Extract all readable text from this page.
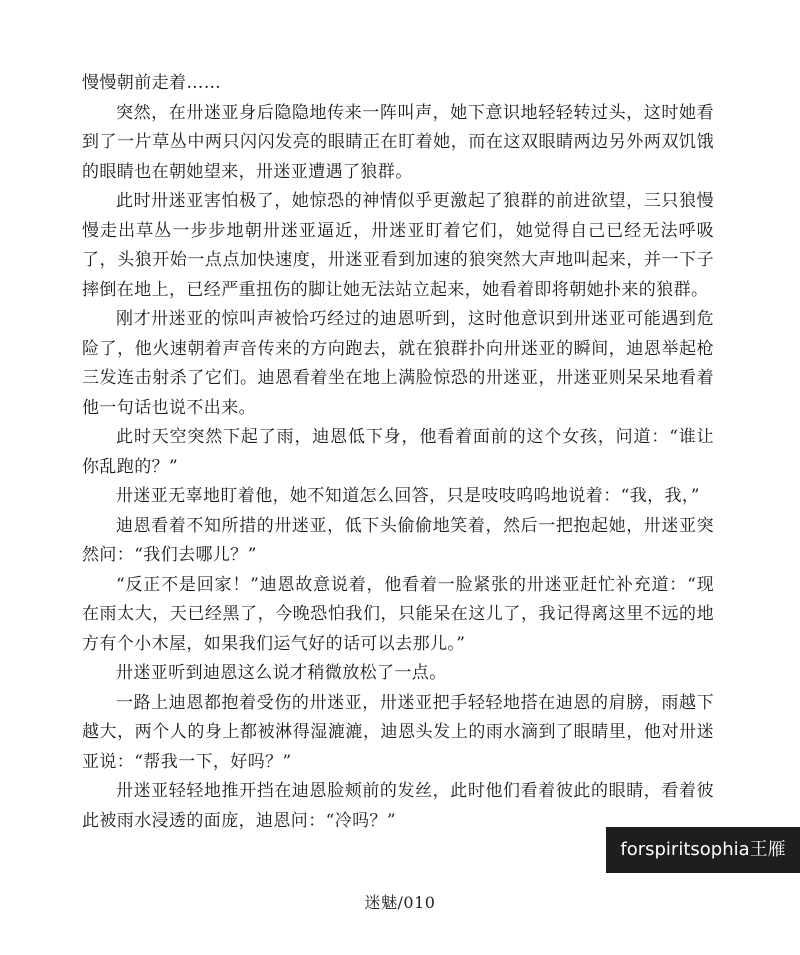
慢慢朝前走着……

突然，在卅迷亚身后隐隐地传来一阵叫声，她下意识地轻轻转过头，这时她看到了一片草丛中两只闪闪发亮的眼睛正在盯着她，而在这双眼睛两边另外两双饥饿的眼睛也在朝她望来，卅迷亚遭遇了狼群。

此时卅迷亚害怕极了，她惊恐的神情似乎更激起了狼群的前进欲望，三只狼慢慢走出草丛一步步地朝卅迷亚逼近，卅迷亚盯着它们，她觉得自己已经无法呼吸了，头狼开始一点点加快速度，卅迷亚看到加速的狼突然大声地叫起来，并一下子摔倒在地上，已经严重扭伤的脚让她无法站立起来，她看着即将朝她扑来的狼群。

刚才卅迷亚的惊叫声被恰巧经过的迪恩听到，这时他意识到卅迷亚可能遇到危险了，他火速朝着声音传来的方向跑去，就在狼群扑向卅迷亚的瞬间，迪恩举起枪三发连击射杀了它们。迪恩看着坐在地上满脸惊恐的卅迷亚，卅迷亚则呆呆地看着他一句话也说不出来。

此时天空突然下起了雨，迪恩低下身，他看着面前的这个女孩，问道：“谁让你乱跑的？”

卅迷亚无辜地盯着他，她不知道怎么回答，只是吱吱呜呜地说着：“我，我，”

迪恩看着不知所措的卅迷亚，低下头偷偷地笑着，然后一把抱起她，卅迷亚突然问：“我们去哪儿？”

“反正不是回家！”迪恩故意说着，他看着一脸紧张的卅迷亚赶忙补充道：“现在雨太大，天已经黑了，今晚恐怕我们，只能呆在这儿了，我记得离这里不远的地方有个小木屋，如果我们运气好的话可以去那儿。”

卅迷亚听到迪恩这么说才稍微放松了一点。

一路上迪恩都抱着受伤的卅迷亚，卅迷亚把手轻轻地搭在迪恩的肩膀，雨越下越大，两个人的身上都被淋得湿漉漉，迪恩头发上的雨水滴到了眼睛里，他对卅迷亚说：“帮我一下，好吗？”

卅迷亚轻轻地推开挡在迪恩脸颊前的发丝，此时他们看着彼此的眼睛，看着彼此被雨水浸透的面庞，迪恩问：“冷吗？”

迷魅/010
forspiritsophia王雁
